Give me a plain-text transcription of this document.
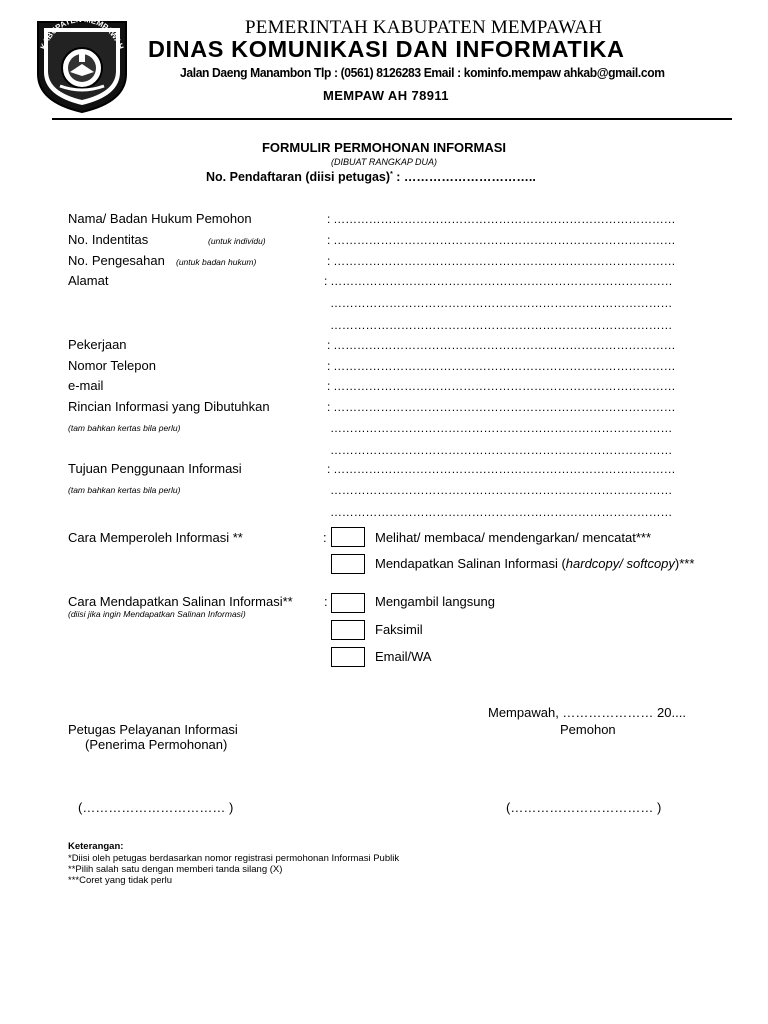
KABUPATEN MEMPAWAH
PEMERINTAH KABUPATEN MEMPAWAH
DINAS KOMUNIKASI DAN INFORMATIKA
Jalan Daeng Manambon Tlp : (0561) 8126283 Email : kominfo.mempaw ahkab@gmail.com
MEMPAW AH 78911
FORMULIR PERMOHONAN INFORMASI
(DIBUAT RANGKAP DUA)
No. Pendaftaran (diisi petugas)* : …………………………..
Nama/ Badan Hukum Pemohon	: ……………………………………………………………………………
No. Indentitas	(untuk individu)	: ……………………………………………………………………………
No. Pengesahan (untuk badan hukum)	: ……………………………………………………………………………
Alamat	: ……………………………………………………………………………
……………………………………………………………………………
……………………………………………………………………………
Pekerjaan	: ……………………………………………………………………………
Nomor Telepon	: ……………………………………………………………………………
e-mail	: ……………………………………………………………………………
Rincian Informasi yang Dibutuhkan	: ……………………………………………………………………………
(tam bahkan kertas bila perlu)	……………………………………………………………………………
……………………………………………………………………………
Tujuan Penggunaan Informasi	: ……………………………………………………………………………
(tam bahkan kertas bila perlu)	……………………………………………………………………………
……………………………………………………………………………
Cara Memperoleh Informasi **	:	Melihat/ membaca/ mendengarkan/ mencatat***
Mendapatkan Salinan Informasi (hardcopy/ softcopy)***
Cara Mendapatkan Salinan Informasi**
(diisi jika ingin Mendapatkan Salinan Informasi)
:	Mengambil langsung
Faksimil
Email/WA
Mempawah, ………………… 20....
Pemohon
Petugas Pelayanan Informasi
(Penerima Permohonan)
(…………………………… )	(…………………………… )
Keterangan:
*Diisi oleh petugas berdasarkan nomor registrasi permohonan Informasi Publik
**Pilih salah satu dengan memberi tanda silang (X)
***Coret yang tidak perlu
